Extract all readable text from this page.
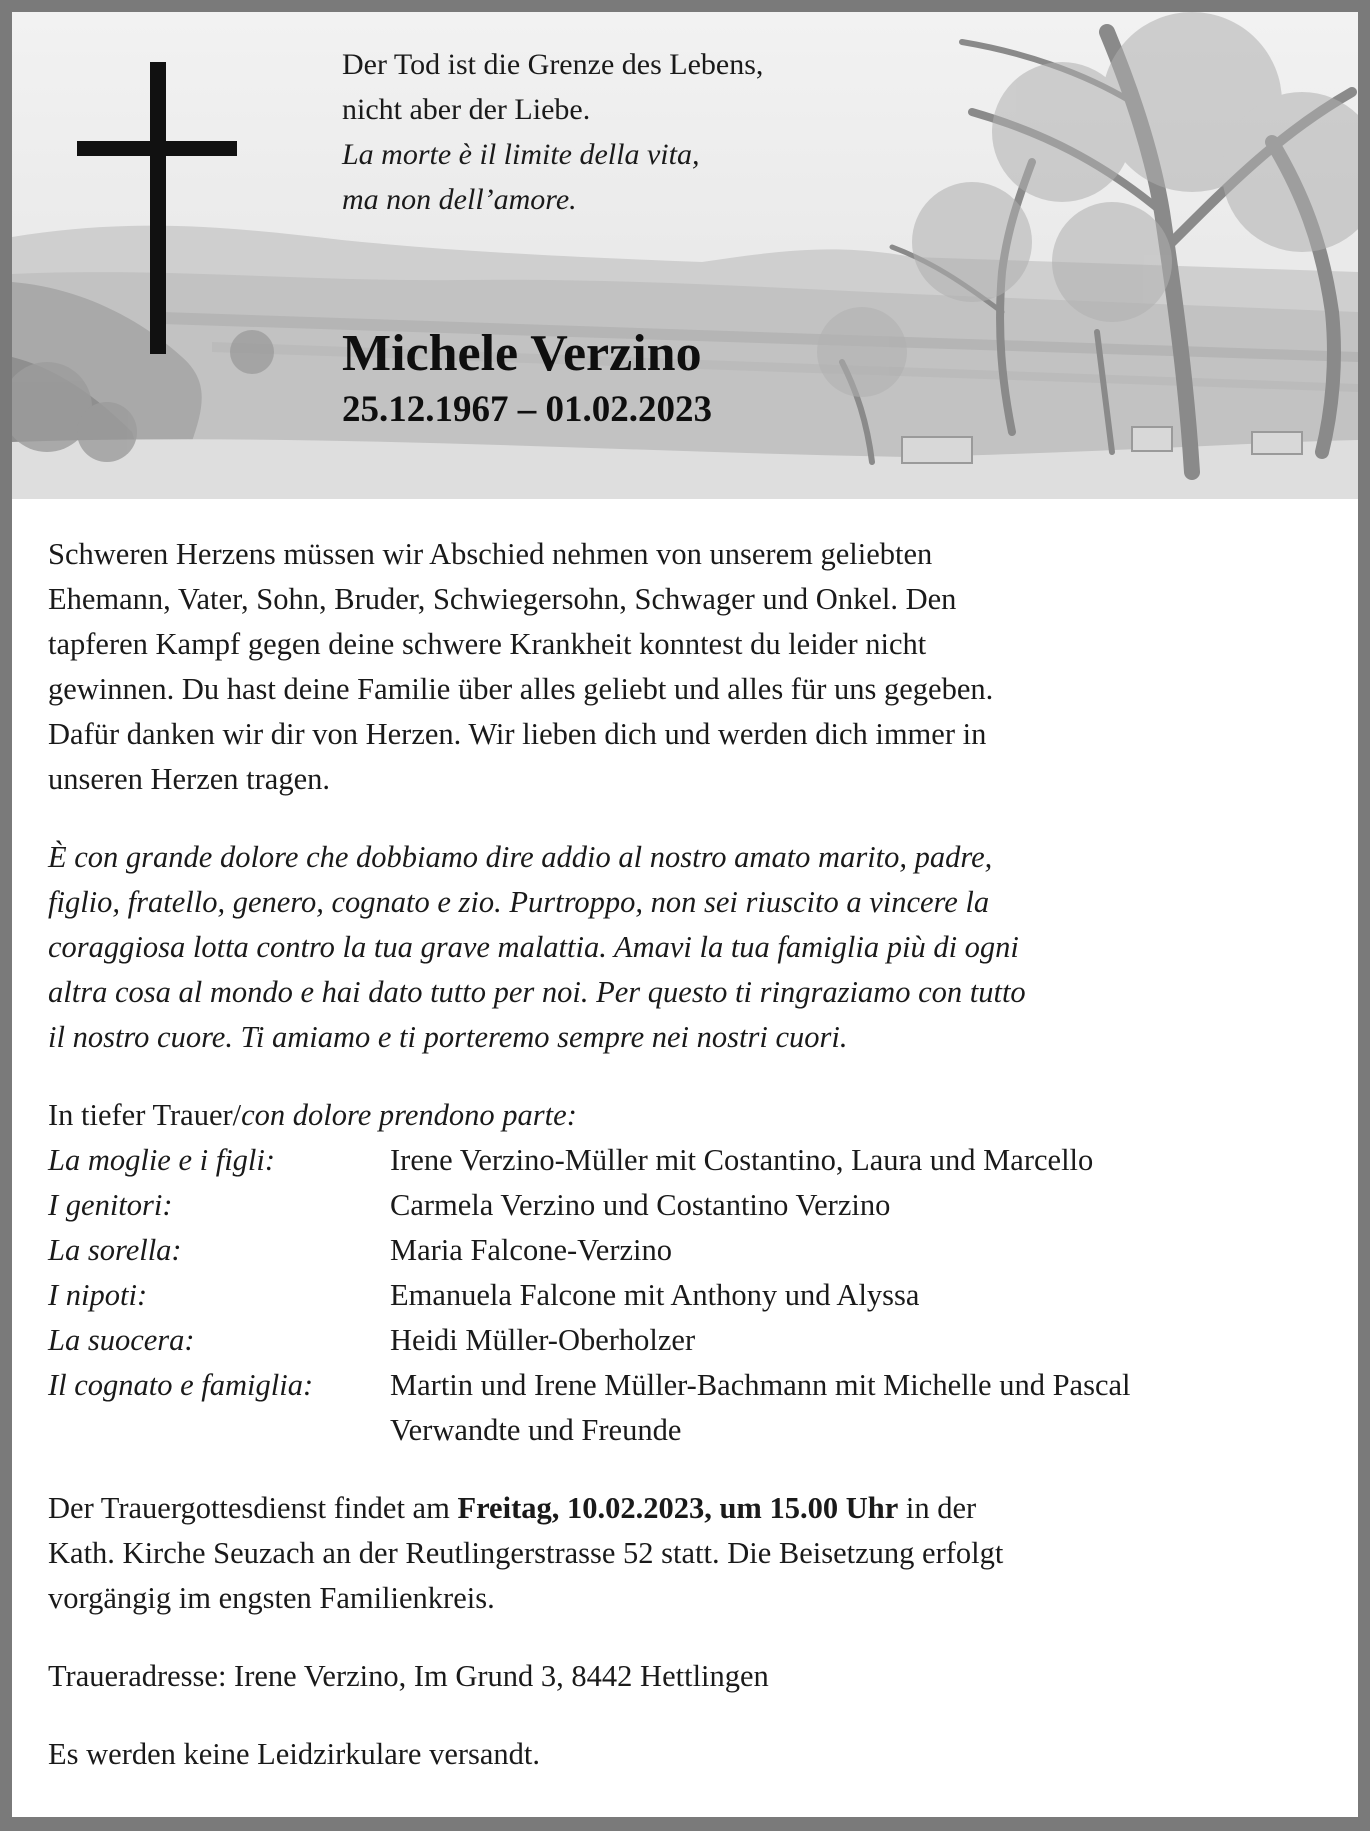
Der Tod ist die Grenze des Lebens,
nicht aber der Liebe.
La morte è il limite della vita,
ma non dell’amore.
Michele Verzino
25.12.1967 – 01.02.2023
Schweren Herzens müssen wir Abschied nehmen von unserem geliebten
Ehemann, Vater, Sohn, Bruder, Schwiegersohn, Schwager und Onkel. Den
tapferen Kampf gegen deine schwere Krankheit konntest du leider nicht
gewinnen. Du hast deine Familie über alles geliebt und alles für uns gegeben.
Dafür danken wir dir von Herzen. Wir lieben dich und werden dich immer in
unseren Herzen tragen.
È con grande dolore che dobbiamo dire addio al nostro amato marito, padre,
figlio, fratello, genero, cognato e zio. Purtroppo, non sei riuscito a vincere la
coraggiosa lotta contro la tua grave malattia. Amavi la tua famiglia più di ogni
altra cosa al mondo e hai dato tutto per noi. Per questo ti ringraziamo con tutto
il nostro cuore. Ti amiamo e ti porteremo sempre nei nostri cuori.
In tiefer Trauer/con dolore prendono parte:
La moglie e i figli:	Irene Verzino-Müller mit Costantino, Laura und Marcello
I genitori:	Carmela Verzino und Costantino Verzino
La sorella:	Maria Falcone-Verzino
I nipoti:	Emanuela Falcone mit Anthony und Alyssa
La suocera:	Heidi Müller-Oberholzer
Il cognato e famiglia:	Martin und Irene Müller-Bachmann mit Michelle und Pascal
Verwandte und Freunde
Der Trauergottesdienst findet am Freitag, 10.02.2023, um 15.00 Uhr in der
Kath. Kirche Seuzach an der Reutlingerstrasse 52 statt. Die Beisetzung erfolgt
vorgängig im engsten Familienkreis.
Traueradresse: Irene Verzino, Im Grund 3, 8442 Hettlingen
Es werden keine Leidzirkulare versandt.
